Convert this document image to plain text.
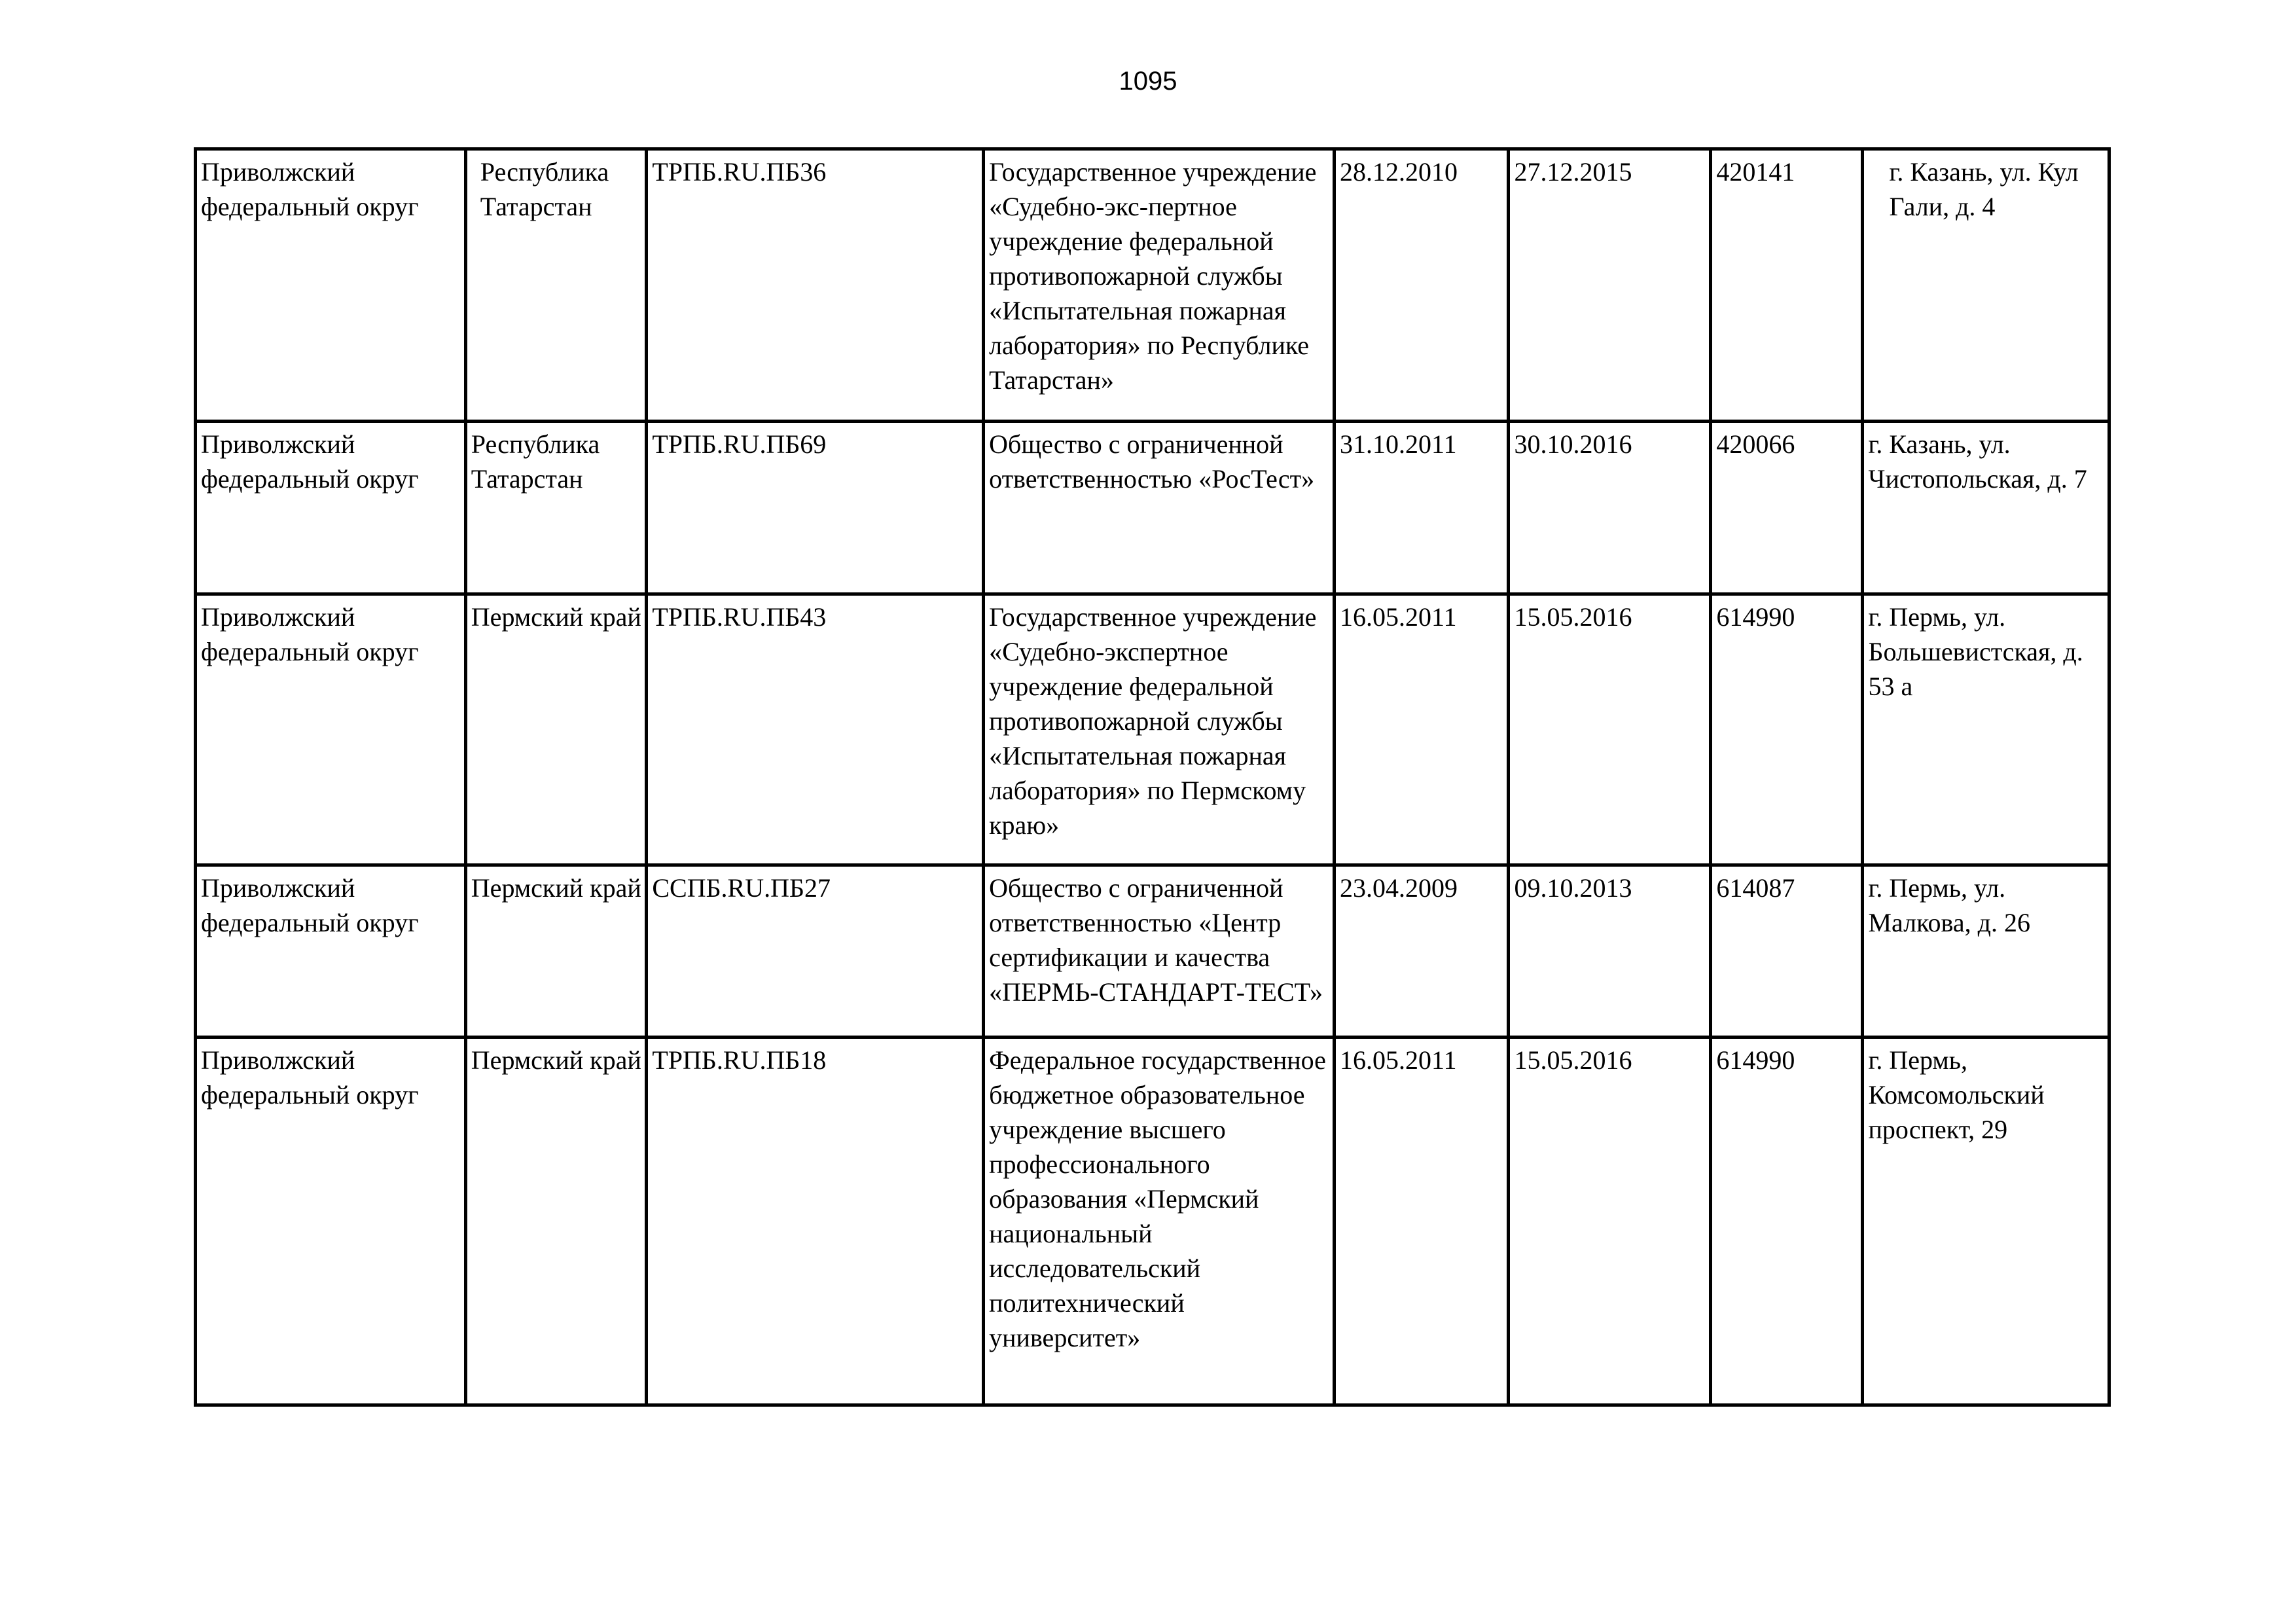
1095
Приволжский федеральный округ	Республика Татарстан	ТРПБ.RU.ПБ36	Государственное учреждение «Судебно-экс-пертное учреждение федеральной противопожарной службы «Испытательная пожарная лаборатория» по Республике Татарстан»	28.12.2010	27.12.2015	420141	г. Казань, ул. Кул Гали, д. 4

Приволжский федеральный округ	Республика Татарстан	ТРПБ.RU.ПБ69	Общество с ограниченной ответственностью «РосТест»	31.10.2011	30.10.2016	420066	г. Казань, ул. Чистопольская, д. 7

Приволжский федеральный округ	Пермский край	ТРПБ.RU.ПБ43	Государственное учреждение «Судебно-экспертное учреждение федеральной противопожарной службы «Испытательная пожарная лаборатория» по Пермскому краю»	16.05.2011	15.05.2016	614990	г. Пермь, ул. Большевистская, д. 53 а

Приволжский федеральный округ	Пермский край	ССПБ.RU.ПБ27	Общество с ограниченной ответственностью «Центр сертификации и качества «ПЕРМЬ-СТАНДАРТ-ТЕСТ»	23.04.2009	09.10.2013	614087	г. Пермь, ул. Малкова, д. 26

Приволжский федеральный округ	Пермский край	ТРПБ.RU.ПБ18	Федеральное государственное бюджетное образовательное учреждение высшего профессионального образования «Пермский национальный исследовательский политехнический университет»	16.05.2011	15.05.2016	614990	г. Пермь, Комсомольский проспект, 29
